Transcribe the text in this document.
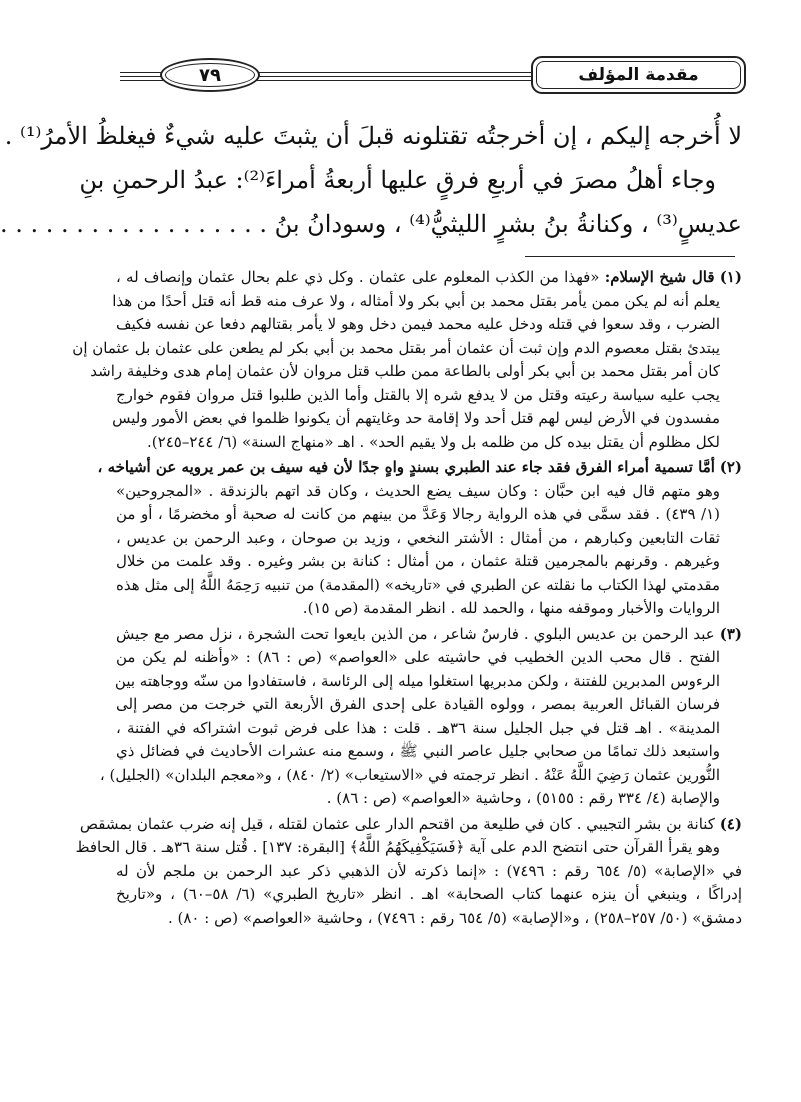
مقدمة المؤلف
٧٩

لا أُخرجه إليكم ، إن أخرجتُه تقتلونه قبلَ أن يثبتَ عليه شيءٌ فيغلظُ الأمرُ⁽¹⁾ .

وجاء أهلُ مصرَ في أربعِ فرقٍ عليها أربعةُ أمراءَ⁽²⁾: عبدُ الرحمنِ بنِ

عديسٍ⁽³⁾ ، وكنانةُ بنُ بشرٍ الليثيُّ⁽⁴⁾ ، وسودانُ بنُ . . . . . . . . . . . . . . . . . .

(١) قال شيخ الإسلام: «فهذا من الكذب المعلوم على عثمان . وكل ذي علم بحال عثمان وإنصاف له ،
يعلم أنه لم يكن ممن يأمر بقتل محمد بن أبي بكر ولا أمثاله ، ولا عرف منه قط أنه قتل أحدًا من هذا
الضرب ، وقد سعوا في قتله ودخل عليه محمد فيمن دخل وهو لا يأمر بقتالهم دفعا عن نفسه فكيف
يبتدئ بقتل معصوم الدم وإن ثبت أن عثمان أمر بقتل محمد بن أبي بكر لم يطعن على عثمان بل عثمان إن
كان أمر بقتل محمد بن أبي بكر أولى بالطاعة ممن طلب قتل مروان لأن عثمان إمام هدى وخليفة راشد
يجب عليه سياسة رعيته وقتل من لا يدفع شره إلا بالقتل وأما الذين طلبوا قتل مروان فقوم خوارج
مفسدون في الأرض ليس لهم قتل أحد ولا إقامة حد وغايتهم أن يكونوا ظلموا في بعض الأمور وليس
لكل مظلوم أن يقتل بيده كل من ظلمه بل ولا يقيم الحد» . اهـ «منهاج السنة» (٦/ ٢٤٤–٢٤٥).
(٢) أمَّا تسمية أمراء الفرق فقد جاء عند الطبري بسندٍ واهٍ جدًا لأن فيه سيف بن عمر يرويه عن أشياخه ،
وهو متهم قال فيه ابن حبَّان : وكان سيف يضع الحديث ، وكان قد اتهم بالزندقة . «المجروحين»
(١/ ٤٣٩) . فقد سمَّى في هذه الرواية رجالا وَعَدَّ من بينهم من كانت له صحبة أو مخضرمًا ، أو من
ثقات التابعين وكبارهم ، من أمثال : الأشتر النخعي ، وزيد بن صوحان ، وعبد الرحمن بن عديس ،
وغيرهم . وقرنهم بالمجرمين قتلة عثمان ، من أمثال : كنانة بن بشر وغيره . وقد علمت من خلال
مقدمتي لهذا الكتاب ما نقلته عن الطبري في «تاريخه» (المقدمة) من تنبيه رَحِمَهُ اللَّهُ إلى مثل هذه
الروايات والأخبار وموقفه منها ، والحمد لله . انظر المقدمة (ص ١٥).
(٣) عبد الرحمن بن عديس البلوي . فارسٌ شاعر ، من الذين بايعوا تحت الشجرة ، نزل مصر مع جيش
الفتح . قال محب الدين الخطيب في حاشيته على «العواصم» (ص : ٨٦) : «وأظنه لم يكن من
الرءوس المدبرين للفتنة ، ولكن مدبريها استغلوا ميله إلى الرئاسة ، فاستفادوا من سنّه ووجاهته بين
فرسان القبائل العربية بمصر ، وولوه القيادة على إحدى الفرق الأربعة التي خرجت من مصر إلى
المدينة» . اهـ قتل في جبل الجليل سنة ٣٦هـ . قلت : هذا على فرض ثبوت اشتراكه في الفتنة ،
واستبعد ذلك تمامًا من صحابي جليل عاصر النبي ﷺ ، وسمع منه عشرات الأحاديث في فضائل ذي
النُّورين عثمان رَضِيَ اللَّهُ عَنْهُ . انظر ترجمته في «الاستيعاب» (٢/ ٨٤٠) ، و«معجم البلدان» (الجليل) ،
والإصابة (٤/ ٣٣٤ رقم : ٥١٥٥) ، وحاشية «العواصم» (ص : ٨٦) .
(٤) كنانة بن بشر التجيبي . كان في طليعة من اقتحم الدار على عثمان لقتله ، قيل إنه ضرب عثمان بمشقص
وهو يقرأ القرآن حتى انتضح الدم على آية ﴿فَسَيَكْفِيكَهُمُ اللَّهُ﴾ [البقرة: ١٣٧] . قُتل سنة ٣٦هـ . قال الحافظ
في «الإصابة» (٥/ ٦٥٤ رقم : ٧٤٩٦) : «إنما ذكرته لأن الذهبي ذكر عبد الرحمن بن ملجم لأن له
إدراكًا ، وينبغي أن ينزه عنهما كتاب الصحابة» اهـ . انظر «تاريخ الطبري» (٦/ ٥٨–٦٠) ، و«تاريخ
دمشق» (٥٠/ ٢٥٧–٢٥٨) ، و«الإصابة» (٥/ ٦٥٤ رقم : ٧٤٩٦) ، وحاشية «العواصم» (ص : ٨٠) .
